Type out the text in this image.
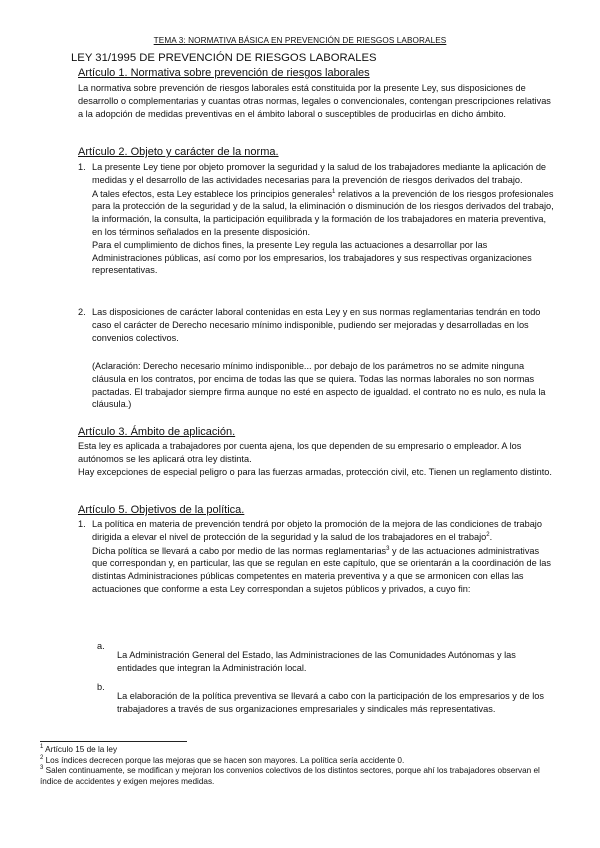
TEMA 3: NORMATIVA BÁSICA EN PREVENCIÓN DE RIESGOS LABORALES
LEY 31/1995 DE PREVENCIÓN DE RIESGOS LABORALES
Artículo 1. Normativa sobre prevención de riesgos laborales

La normativa sobre prevención de riesgos laborales está constituida por la presente Ley, sus disposiciones de desarrollo o complementarias y cuantas otras normas, legales o convencionales, contengan prescripciones relativas a la adopción de medidas preventivas en el ámbito laboral o susceptibles de producirlas en dicho ámbito.

Artículo 2. Objeto y carácter de la norma.
1. La presente Ley tiene por objeto promover la seguridad y la salud de los trabajadores mediante la aplicación de medidas y el desarrollo de las actividades necesarias para la prevención de riesgos derivados del trabajo.

A tales efectos, esta Ley establece los principios generales$^1$ relativos a la prevención de los riesgos profesionales para la protección de la seguridad y de la salud, la eliminación o disminución de los riesgos derivados del trabajo, la información, la consulta, la participación equilibrada y la formación de los trabajadores en materia preventiva, en los términos señalados en la presente disposición.

Para el cumplimiento de dichos fines, la presente Ley regula las actuaciones a desarrollar por las Administraciones públicas, así como por los empresarios, los trabajadores y sus respectivas organizaciones representativas.

2. Las disposiciones de carácter laboral contenidas en esta Ley y en sus normas reglamentarias tendrán en todo caso el carácter de Derecho necesario mínimo indisponible, pudiendo ser mejoradas y desarrolladas en los convenios colectivos.

(Aclaración: Derecho necesario mínimo indisponible... por debajo de los parámetros no se admite ninguna cláusula en los contratos, por encima de todas las que se quiera. Todas las normas laborales no son normas pactadas. El trabajador siempre firma aunque no esté en aspecto de igualdad. el contrato no es nulo, es nula la cláusula.)

Artículo 3. Ámbito de aplicación.

Esta ley es aplicada a trabajadores por cuenta ajena, los que dependen de su empresario o empleador. A los autónomos se les aplicará otra ley distinta.

Hay excepciones de especial peligro o para las fuerzas armadas, protección civil, etc. Tienen un reglamento distinto.

Artículo 5. Objetivos de la política.
1. La política en materia de prevención tendrá por objeto la promoción de la mejora de las condiciones de trabajo dirigida a elevar el nivel de protección de la seguridad y la salud de los trabajadores en el trabajo$^2$.

Dicha política se llevará a cabo por medio de las normas reglamentarias$^3$ y de las actuaciones administrativas que correspondan y, en particular, las que se regulan en este capítulo, que se orientarán a la coordinación de las distintas Administraciones públicas competentes en materia preventiva y a que se armonicen con ellas las actuaciones que conforme a esta Ley correspondan a sujetos públicos y privados, a cuyo fin:

a.

La Administración General del Estado, las Administraciones de las Comunidades Autónomas y las entidades que integran la Administración local.

b.

La elaboración de la política preventiva se llevará a cabo con la participación de los empresarios y de los trabajadores a través de sus organizaciones empresariales y sindicales más representativas.

$^1$ Artículo 15 de la ley

$^2$ Los índices decrecen porque las mejoras que se hacen son mayores. La política sería accidente 0.

$^3$ Salen continuamente, se modifican y mejoran los convenios colectivos de los distintos sectores, porque ahí los trabajadores observan el índice de accidentes y exigen mejores medidas.
